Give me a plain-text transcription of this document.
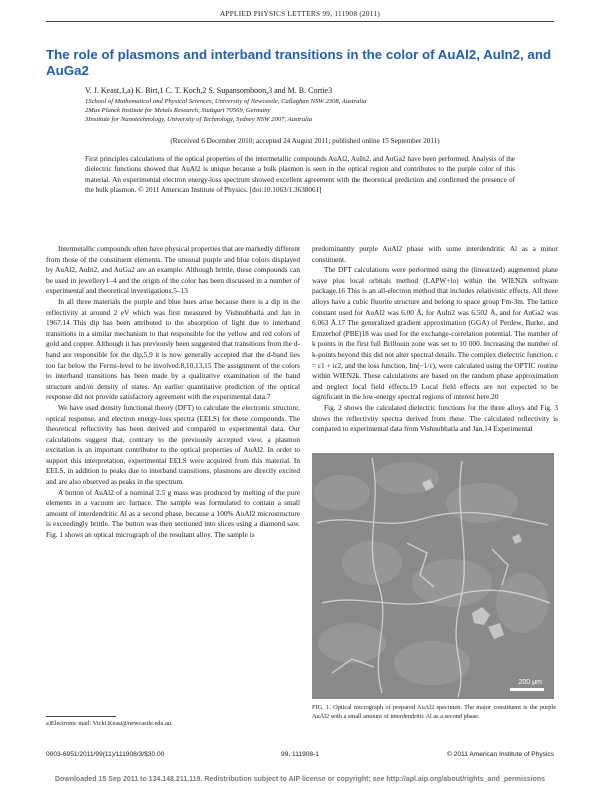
APPLIED PHYSICS LETTERS 99, 111908 (2011)
The role of plasmons and interband transitions in the color of AuAl2, AuIn2, and AuGa2
V. J. Keast,1,a) K. Birt,1 C. T. Koch,2 S. Supansomboon,3 and M. B. Cortie3
1School of Mathematical and Physical Sciences, University of Newcastle, Callaghan NSW 2308, Australia
2Max Planck Institute for Metals Research, Stuttgart 70569, Germany
3Institute for Nanotechnology, University of Technology, Sydney NSW 2007, Australia
(Received 6 December 2010; accepted 24 August 2011; published online 15 September 2011)
First principles calculations of the optical properties of the intermetallic compounds AuAl2, AuIn2, and AuGa2 have been performed. Analysis of the dielectric functions showed that AuAl2 is unique because a bulk plasmon is seen in the optical region and contributes to the purple color of this material. An experimental electron energy-loss spectrum showed excellent agreement with the theoretical prediction and confirmed the presence of the bulk plasmon. © 2011 American Institute of Physics. [doi:10.1063/1.3638061]

Intermetallic compounds often have physical properties that are markedly different from those of the constituent elements. The unusual purple and blue colors displayed by AuAl2, AuIn2, and AuGa2 are an example. Although brittle, these compounds can be used in jewellery1–4 and the origin of the color has been discussed in a number of experimental and theoretical investigations.5–13

In all three materials the purple and blue hues arise because there is a dip in the reflectivity at around 2 eV which was first measured by Vishnubhatla and Jan in 1967.14 This dip has been attributed to the absorption of light due to interband transitions in a similar mechanism to that responsible for the yellow and red colors of gold and copper. Although it has previously been suggested that transitions from the d-band are responsible for the dip,5,9 it is now generally accepted that the d-band lies too far below the Fermi-level to be involved.8,10,13,15 The assignment of the colors to interband transitions has been made by a qualitative examination of the band structure and/or density of states. An earlier quantitative prediction of the optical response did not provide satisfactory agreement with the experimental data.7

We have used density functional theory (DFT) to calculate the electronic structure, optical response, and electron energy-loss spectra (EELS) for these compounds. The theoretical reflectivity has been derived and compared to experimental data. Our calculations suggest that, contrary to the previously accepted view, a plasmon excitation is an important contributor to the optical properties of AuAl2. In order to support this interpretation, experimental EELS were acquired from this material. In EELS, in addition to peaks due to interband transitions, plasmons are directly excited and are also observed as peaks in the spectrum.

A button of AuAl2 of a nominal 2.5 g mass was produced by melting of the pure elements in a vacuum arc furnace. The sample was formulated to contain a small amount of interdendritic Al as a second phase, because a 100% AuAl2 microstructure is exceedingly brittle. The button was then sectioned into slices using a diamond saw. Fig. 1 shows an optical micrograph of the resultant alloy. The sample is

predominantly purple AuAl2 phase with some interdendritic Al as a minor constituent.

The DFT calculations were performed using the (linearized) augmented plane wave plus local orbitals method (LAPW+lo) within the WIEN2k software package.16 This is an all-electron method that includes relativistic effects. All three alloys have a cubic fluorite structure and belong to space group Fm-3m. The lattice constant used for AuAl2 was 6.00 Å, for AuIn2 was 6.502 Å, and for AuGa2 was 6.063 Å.17 The generalized gradient approximation (GGA) of Perdew, Burke, and Ernzerhof (PBE)18 was used for the exchange-correlation potential. The number of k points in the first full Brillouin zone was set to 10 000. Increasing the number of k-points beyond this did not alter spectral details. The complex dielectric function, ε = ε1 + iε2, and the loss function, Im(−1/ε), were calculated using the OPTIC routine within WIEN2k. These calculations are based on the random phase approximation and neglect local field effects.19 Local field effects are not expected to be significant in the low-energy spectral regions of interest here.20

Fig. 2 shows the calculated dielectric functions for the three alloys and Fig. 3 shows the reflectivity spectra derived from these. The calculated reflectivity is compared to experimental data from Vishnubhatla and Jan.14 Experimental

200 μm
FIG. 1. Optical micrograph of prepared AuAl2 specimen. The major constituent is the purple AuAl2 with a small amount of interdendritic Al as a second phase.
a)Electronic mail: Vicki.Keast@newcastle.edu.au.
0003-6951/2011/99(11)/111908/3/$30.00	99, 111908-1	© 2011 American Institute of Physics
Downloaded 15 Sep 2011 to 134.148.211.119. Redistribution subject to AIP license or copyright; see http://apl.aip.org/about/rights_and_permissions
